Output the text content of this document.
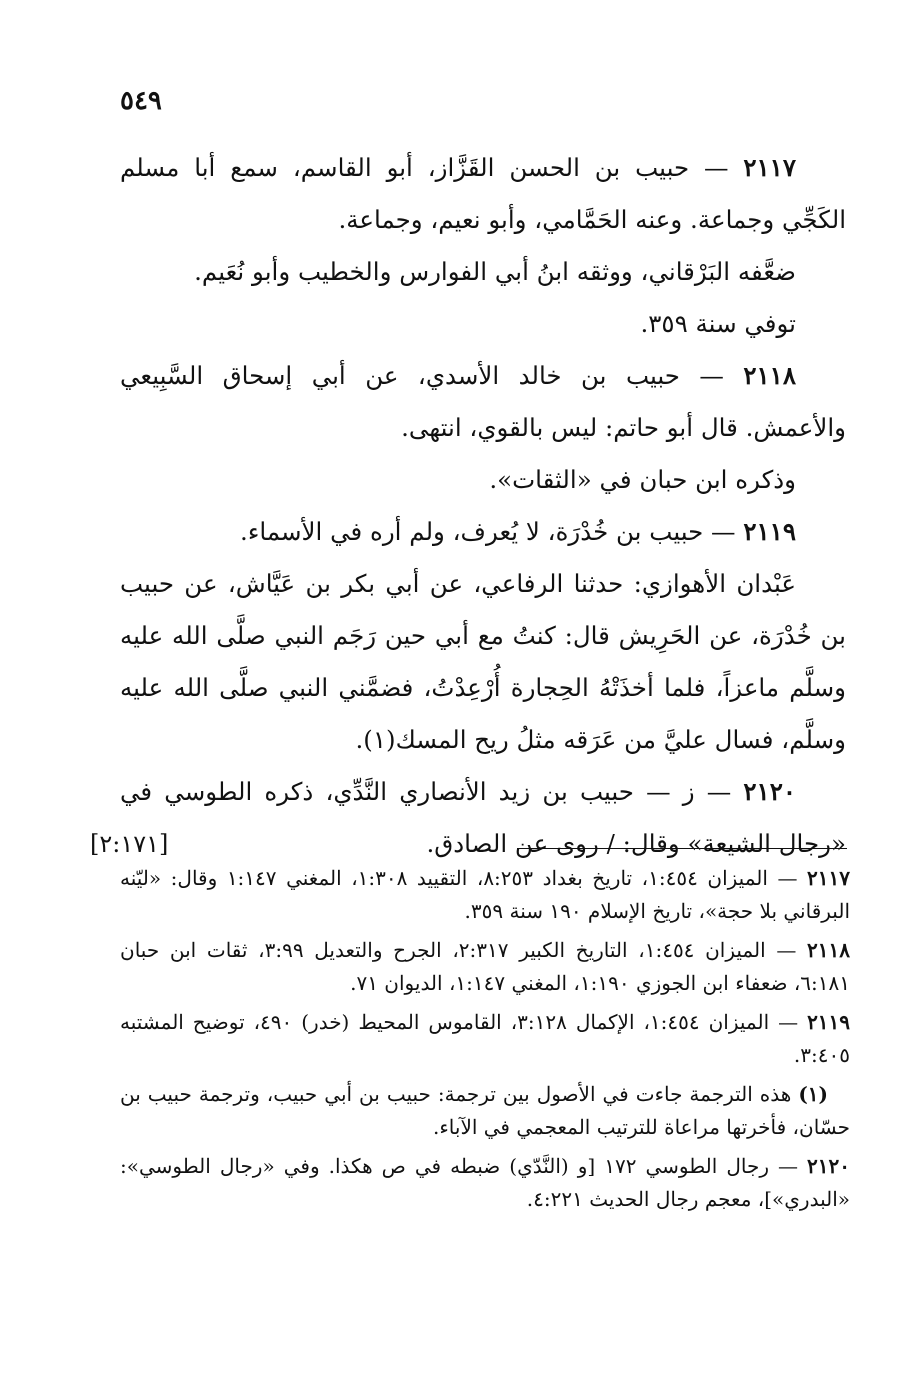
٥٤٩

٢١١٧ — حبيب بن الحسن القَزَّاز، أبو القاسم، سمع أبا مسلم الكَجِّي وجماعة. وعنه الحَمَّامي، وأبو نعيم، وجماعة.

ضعَّفه البَرْقاني، ووثقه ابنُ أبي الفوارس والخطيب وأبو نُعَيم.

توفي سنة ٣٥٩.

٢١١٨ — حبيب بن خالد الأسدي، عن أبي إسحاق السَّبِيعي والأعمش. قال أبو حاتم: ليس بالقوي، انتهى.

وذكره ابن حبان في «الثقات».

٢١١٩ — حبيب بن خُدْرَة، لا يُعرف، ولم أره في الأسماء.

عَبْدان الأهوازي: حدثنا الرفاعي، عن أبي بكر بن عَيَّاش، عن حبيب بن خُدْرَة، عن الحَرِيش قال: كنتُ مع أبي حين رَجَم النبي صلَّى الله عليه وسلَّم ماعزاً، فلما أخذَتْهُ الحِجارة أُرْعِدْتُ، فضمَّني النبي صلَّى الله عليه وسلَّم، فسال عليَّ من عَرَقه مثلُ ريح المسك(١).

٢١٢٠ — ز — حبيب بن زيد الأنصاري النَّدِّي، ذكره الطوسي في «رجال الشيعة» وقال: / روى عن الصادق.
[٢:١٧١]

٢١١٧ — الميزان ١:٤٥٤، تاريخ بغداد ٨:٢٥٣، التقييد ١:٣٠٨، المغني ١:١٤٧ وقال: «ليّنه البرقاني بلا حجة»، تاريخ الإسلام ١٩٠ سنة ٣٥٩.

٢١١٨ — الميزان ١:٤٥٤، التاريخ الكبير ٢:٣١٧، الجرح والتعديل ٣:٩٩، ثقات ابن حبان ٦:١٨١، ضعفاء ابن الجوزي ١:١٩٠، المغني ١:١٤٧، الديوان ٧١.

٢١١٩ — الميزان ١:٤٥٤، الإكمال ٣:١٢٨، القاموس المحيط (خدر) ٤٩٠، توضيح المشتبه ٣:٤٠٥.

(١) هذه الترجمة جاءت في الأصول بين ترجمة: حبيب بن أبي حبيب، وترجمة حبيب بن حسّان، فأخرتها مراعاة للترتيب المعجمي في الآباء.

٢١٢٠ — رجال الطوسي ١٧٢ [و (النَّدّي) ضبطه في ص هكذا. وفي «رجال الطوسي»: «البدري»]، معجم رجال الحديث ٤:٢٢١.
